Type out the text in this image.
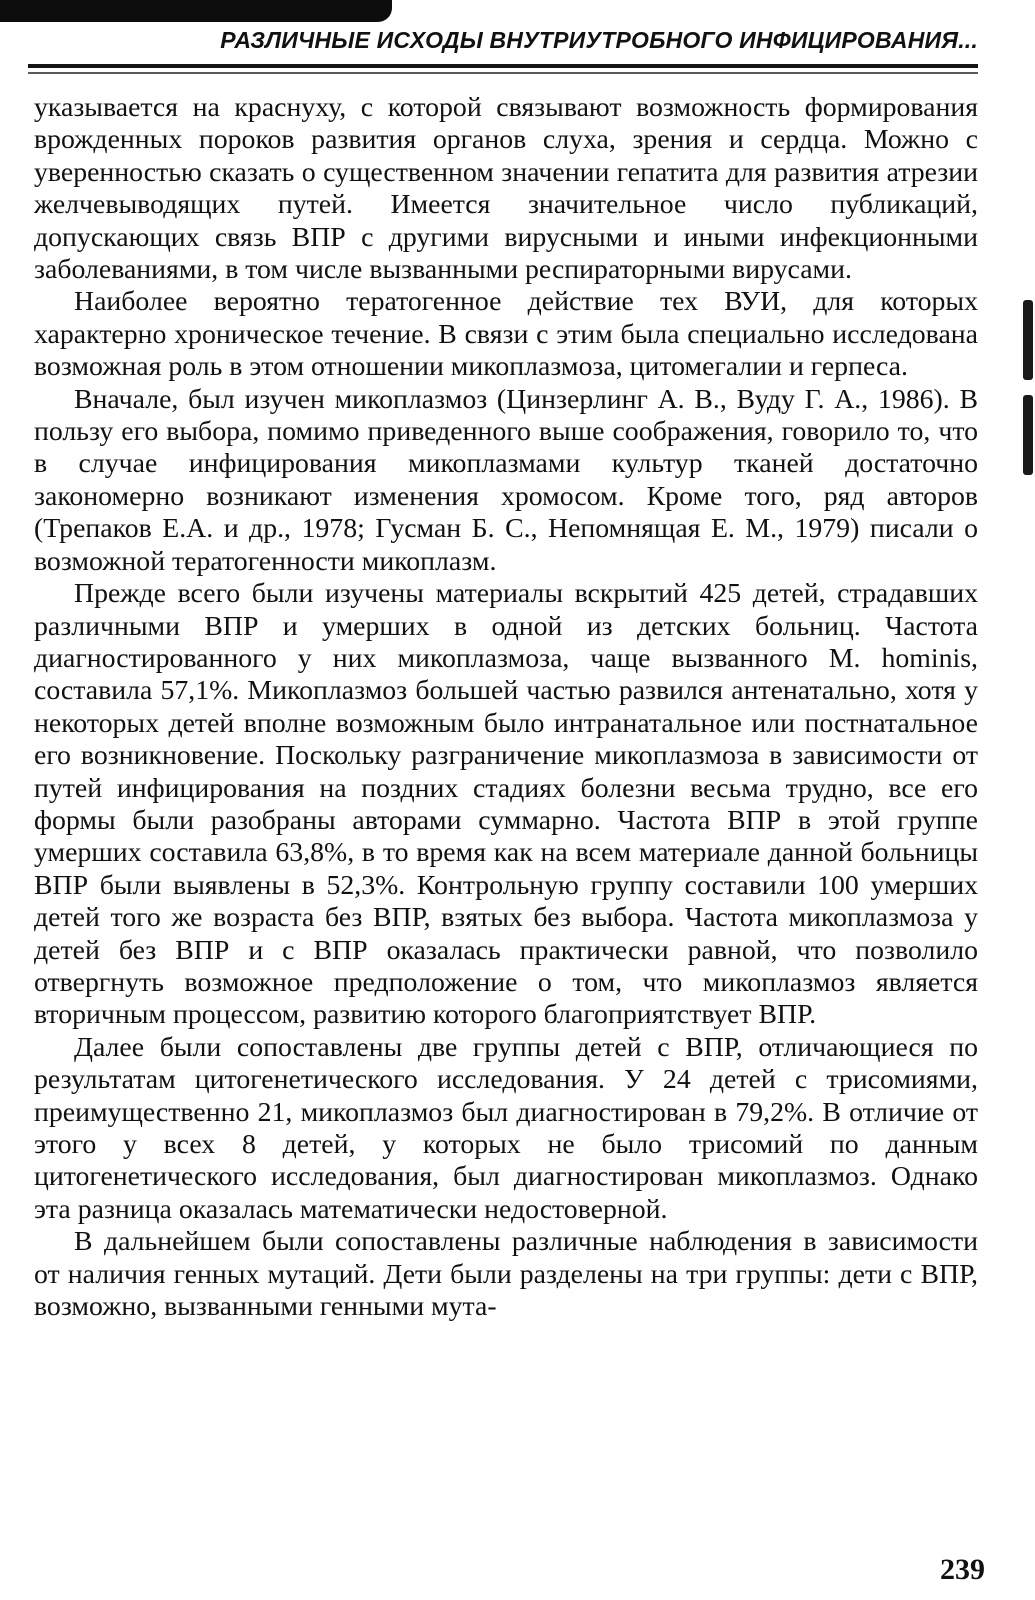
РАЗЛИЧНЫЕ ИСХОДЫ ВНУТРИУТРОБНОГО ИНФИЦИРОВАНИЯ...

указывается на краснуху, с которой связывают возможность формирования врожденных пороков развития органов слуха, зрения и сердца. Можно с уверенностью сказать о существенном значении гепатита для развития атрезии желчевыводящих путей. Имеется значительное число публикаций, допускающих связь ВПР с другими вирусными и иными инфекционными заболеваниями, в том числе вызванными респираторными вирусами.

Наиболее вероятно тератогенное действие тех ВУИ, для которых характерно хроническое течение. В связи с этим была специально исследована возможная роль в этом отношении микоплазмоза, цитомегалии и герпеса.

Вначале, был изучен микоплазмоз (Цинзерлинг А. В., Вуду Г. А., 1986). В пользу его выбора, помимо приведенного выше соображения, говорило то, что в случае инфицирования микоплазмами культур тканей достаточно закономерно возникают изменения хромосом. Кроме того, ряд авторов (Трепаков Е.А. и др., 1978; Гусман Б. С., Непомнящая Е. М., 1979) писали о возможной тератогенности микоплазм.

Прежде всего были изучены материалы вскрытий 425 детей, страдавших различными ВПР и умерших в одной из детских больниц. Частота диагностированного у них микоплазмоза, чаще вызванного M. hominis, составила 57,1%. Микоплазмоз большей частью развился антенатально, хотя у некоторых детей вполне возможным было интранатальное или постнатальное его возникновение. Поскольку разграничение микоплазмоза в зависимости от путей инфицирования на поздних стадиях болезни весьма трудно, все его формы были разобраны авторами суммарно. Частота ВПР в этой группе умерших составила 63,8%, в то время как на всем материале данной больницы ВПР были выявлены в 52,3%. Контрольную группу составили 100 умерших детей того же возраста без ВПР, взятых без выбора. Частота микоплазмоза у детей без ВПР и с ВПР оказалась практически равной, что позволило отвергнуть возможное предположение о том, что микоплазмоз является вторичным процессом, развитию которого благоприятствует ВПР.

Далее были сопоставлены две группы детей с ВПР, отличающиеся по результатам цитогенетического исследования. У 24 детей с трисомиями, преимущественно 21, микоплазмоз был диагностирован в 79,2%. В отличие от этого у всех 8 детей, у которых не было трисомий по данным цитогенетического исследования, был диагностирован микоплазмоз. Однако эта разница оказалась математически недостоверной.

В дальнейшем были сопоставлены различные наблюдения в зависимости от наличия генных мутаций. Дети были разделены на три группы: дети с ВПР, возможно, вызванными генными мута-

239
